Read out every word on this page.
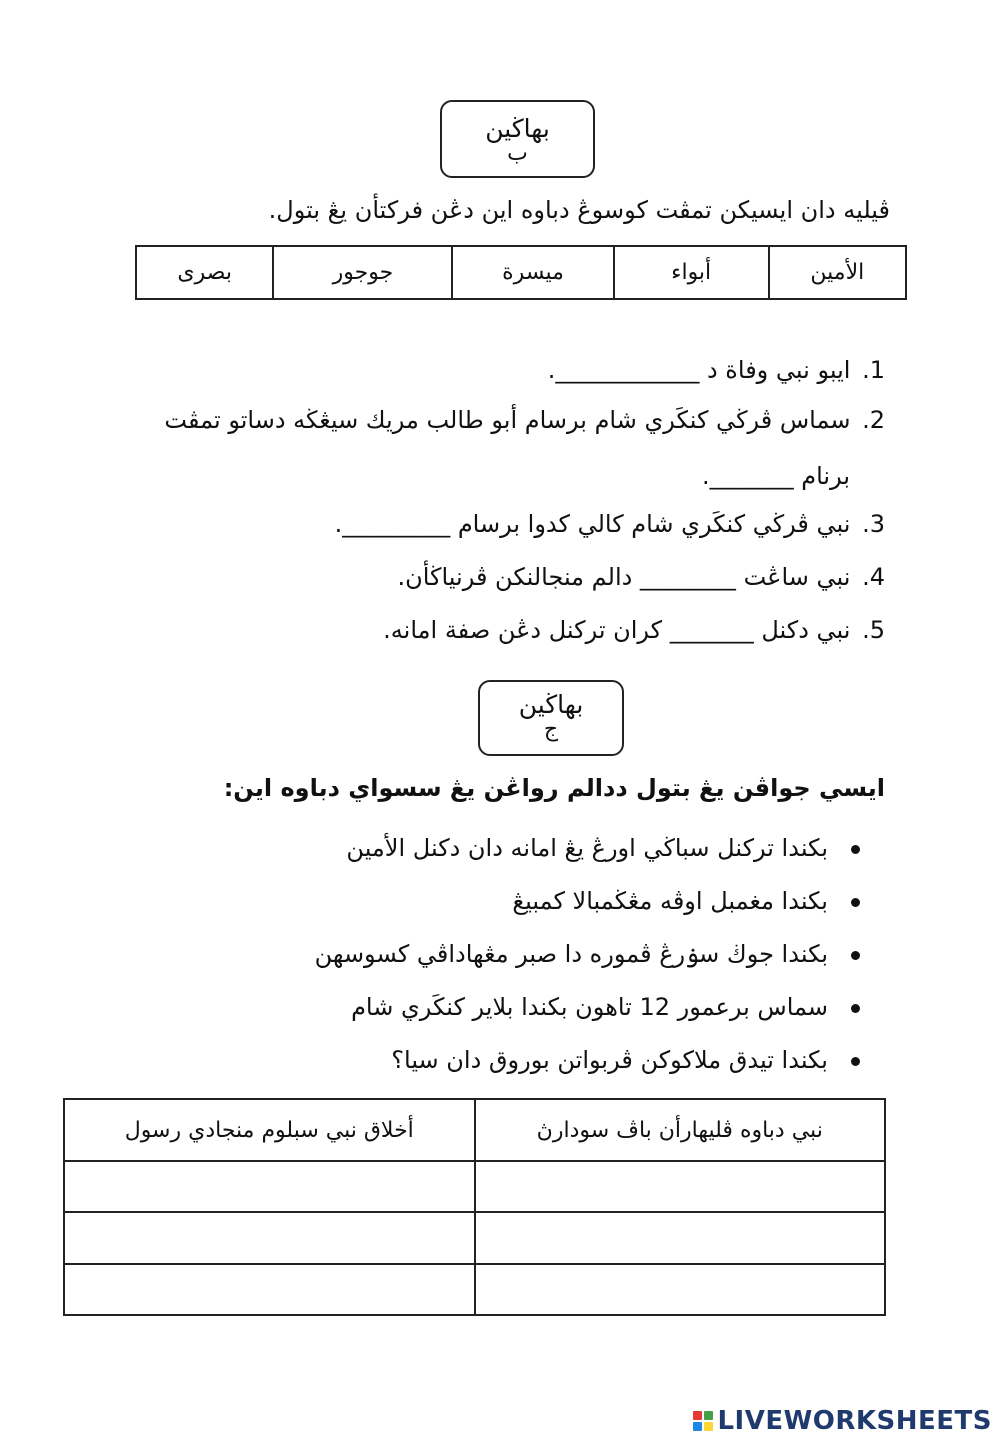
بهاڬين
ب
ڤيليه دان ايسيكن تمڤت كوسوڠ دباوه اين دڠن فركتأن يڠ بتول.
الأمين	أبواء	ميسرة	جوجور	بصرى
1. ايبو نبي وفاة د ____________.
2. سماس ڤرڬي كنكَري شام برسام أبو طالب مريك سيڠڬه دساتو تمڤت
برنام _______.
3. نبي ڤرڬي كنكَري شام كالي كدوا برسام _________.
4. نبي ساڠت ________ دالم منجالنكن ڤرنياڬأن.
5. نبي دكنل _______ كران تركنل دڠن صفة امانه.
بهاڬين
ج
ايسي جواڤن يڠ بتول ددالم رواڠن يڠ سسواي دباوه اين:
بكندا تركنل سباڬي اورڠ يڠ امانه دان دكنل الأمين
بكندا مغمبل اوڤه مڠڬمبالا كمبيڠ
بكندا جوڬ سۏرڠ ڤموره دا صبر مڠهاداڤي كسوسهن
سماس برعمور 12 تاهون بكندا بلاير كنكَري شام
بكندا تيدق ملاكوكن ڤربواتن بوروق دان سيا؟
نبي دباوه ڤليهارأن باڤ سودارڽ	أخلاق نبي سبلوم منجادي رسول

LIVEWORKSHEETS
